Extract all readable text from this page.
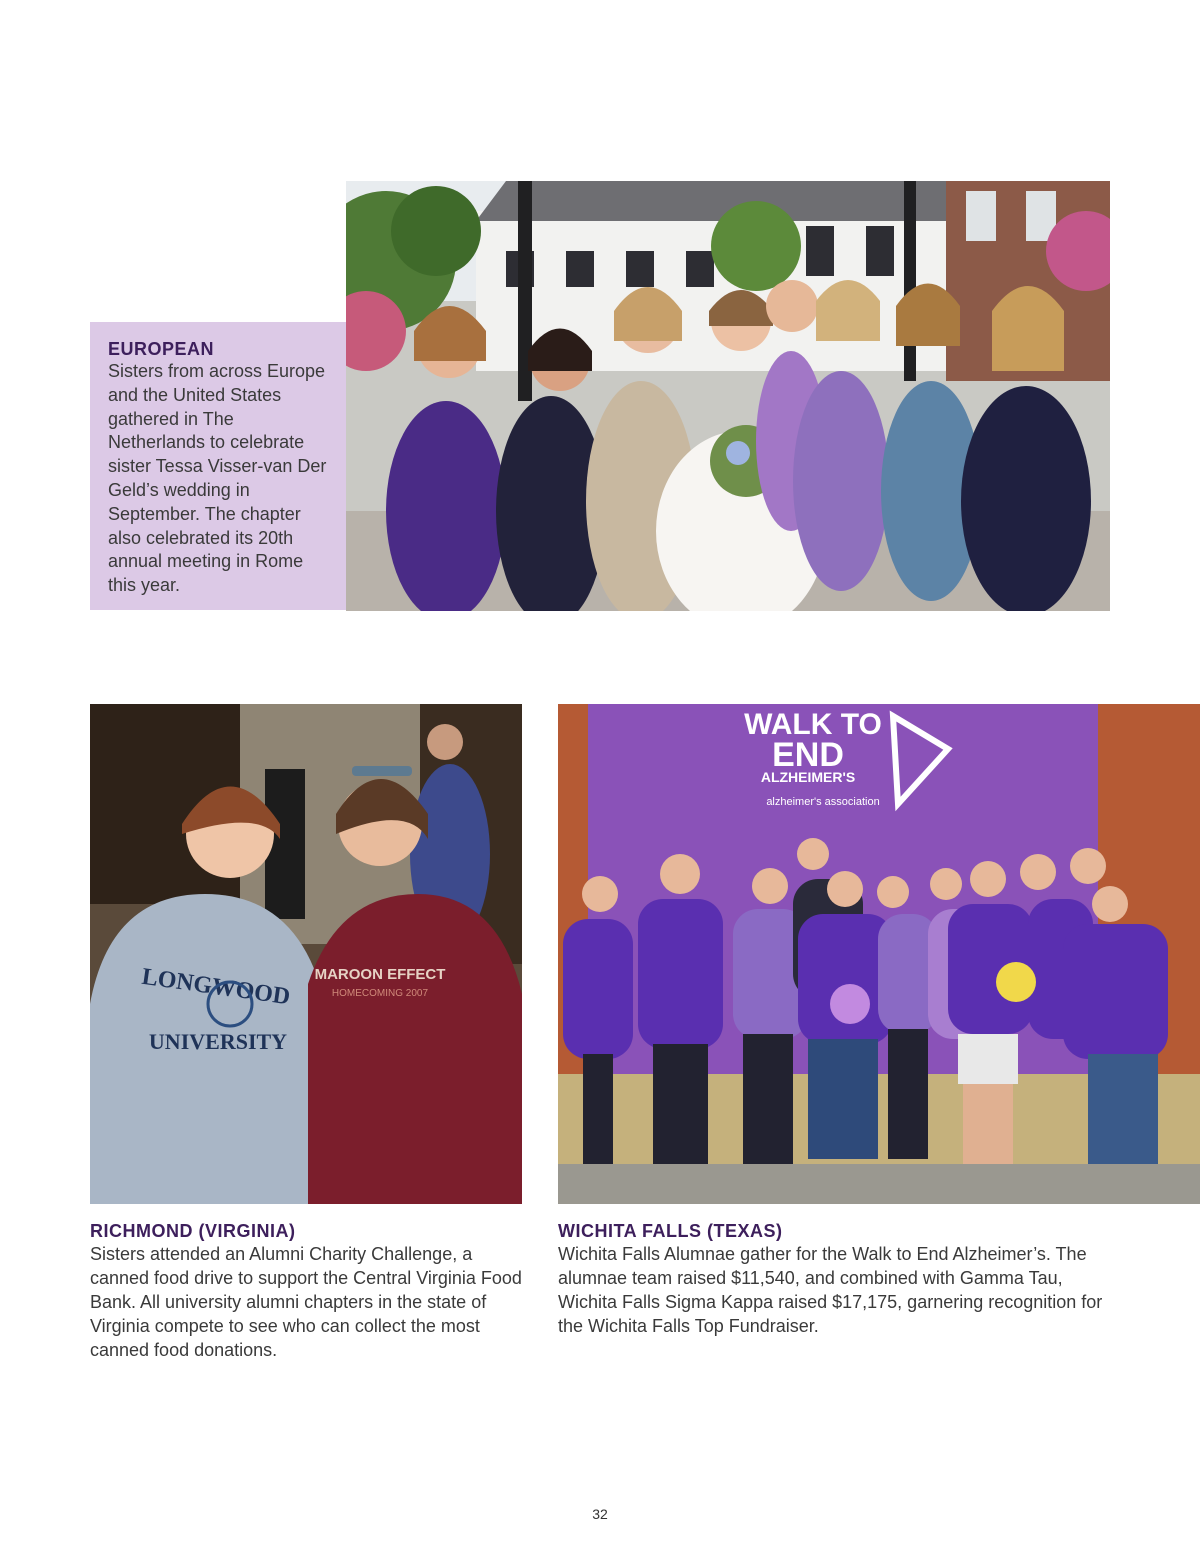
EUROPEAN
Sisters from across Europe and the United States gathered in The Netherlands to celebrate sister Tessa Visser-van Der Geld’s wedding in September. The chapter also celebrated its 20th annual meeting in Rome this year.
LONGWOOD
UNIVERSITY
MAROON EFFECT
HOMECOMING 2007
WALK TO
END
ALZHEIMER'S
alzheimer's association
RICHMOND (VIRGINIA)
Sisters attended an Alumni Charity Challenge, a canned food drive to support the Central Virginia Food Bank. All university alumni chapters in the state of Virginia compete to see who can collect the most canned food donations.
WICHITA FALLS (TEXAS)
Wichita Falls Alumnae gather for the Walk to End Alzheimer’s. The alumnae team raised $11,540, and combined with Gamma Tau, Wichita Falls Sigma Kappa raised $17,175, garnering recognition for the Wichita Falls Top Fundraiser.
32
